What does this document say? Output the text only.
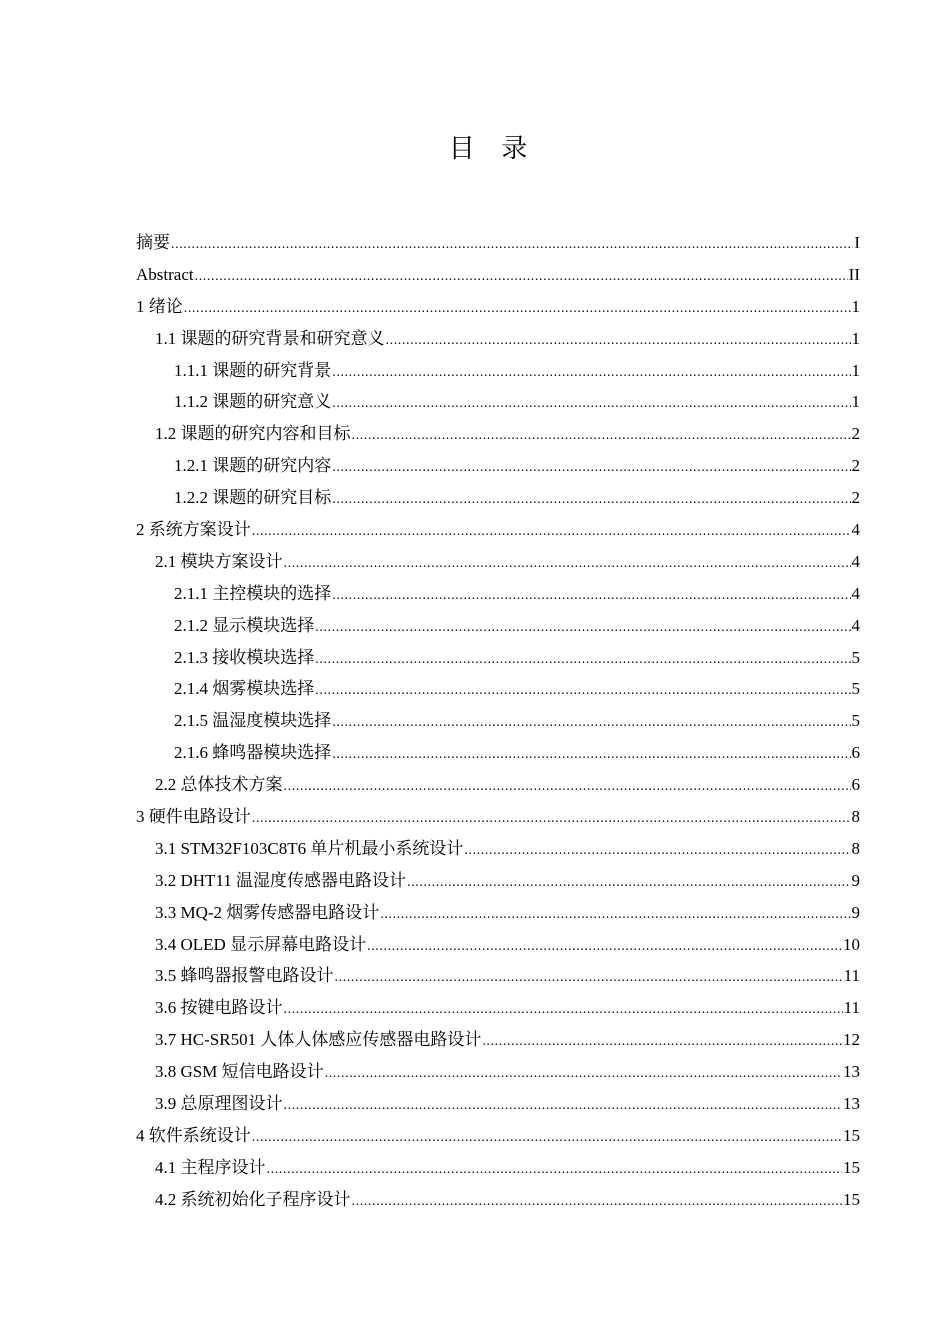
目 录
摘要 .....	I
Abstract .....	II
1 绪论 .....	1
1.1 课题的研究背景和研究意义 .....	1
1.1.1 课题的研究背景 .....	1
1.1.2 课题的研究意义 .....	1
1.2 课题的研究内容和目标 .....	2
1.2.1 课题的研究内容 .....	2
1.2.2 课题的研究目标 .....	2
2 系统方案设计 .....	4
2.1 模块方案设计 .....	4
2.1.1 主控模块的选择 .....	4
2.1.2 显示模块选择 .....	4
2.1.3 接收模块选择 .....	5
2.1.4 烟雾模块选择 .....	5
2.1.5 温湿度模块选择 .....	5
2.1.6 蜂鸣器模块选择 .....	6
2.2 总体技术方案 .....	6
3 硬件电路设计 .....	8
3.1 STM32F103C8T6 单片机最小系统设计 .....	8
3.2 DHT11 温湿度传感器电路设计 .....	9
3.3 MQ-2 烟雾传感器电路设计 .....	9
3.4 OLED 显示屏幕电路设计 .....	10
3.5 蜂鸣器报警电路设计 .....	11
3.6 按键电路设计 .....	11
3.7 HC-SR501 人体人体感应传感器电路设计 .....	12
3.8 GSM 短信电路设计 .....	13
3.9 总原理图设计 .....	13
4 软件系统设计 .....	15
4.1 主程序设计 .....	15
4.2 系统初始化子程序设计 .....	15
